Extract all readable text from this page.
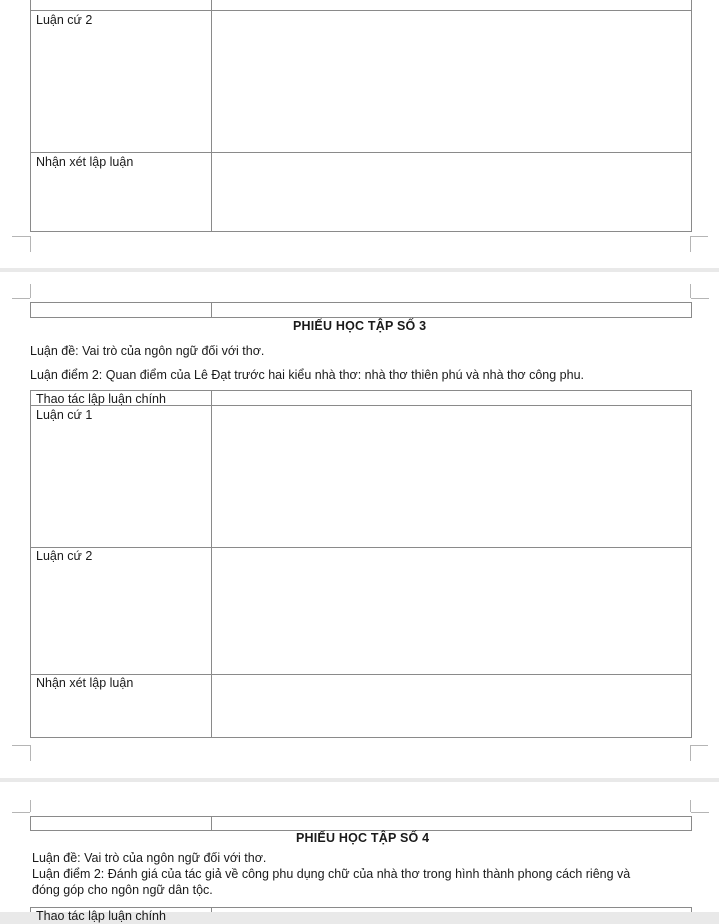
Luận cứ 2
Nhận xét lập luận
PHIẾU HỌC TẬP SỐ 3
Luận đề: Vai trò của ngôn ngữ đối với thơ.
Luận điểm 2: Quan điểm của Lê Đạt trước hai kiểu nhà thơ: nhà thơ thiên phú và nhà thơ công phu.
Thao tác lập luận chính
Luận cứ 1
Luận cứ 2
Nhận xét lập luận
PHIẾU HỌC TẬP SỐ 4
Luận đề: Vai trò của ngôn ngữ đối với thơ.
Luận điểm 2: Đánh giá của tác giả về công phu dụng chữ của nhà thơ trong hình thành phong cách riêng và
đóng góp cho ngôn ngữ dân tộc.
Thao tác lập luận chính
